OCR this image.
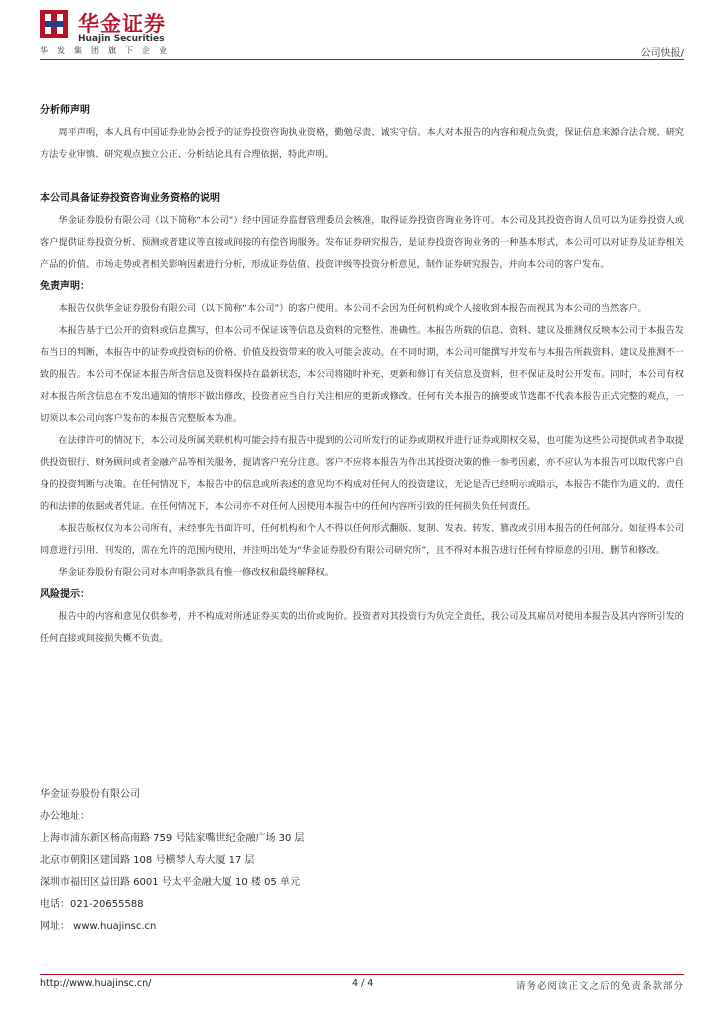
华金证券
Huajin Securities
华发集团旗下企业	公司快报/
分析师声明

周平声明，本人具有中国证券业协会授予的证券投资咨询执业资格，勤勉尽责、诚实守信。本人对本报告的内容和观点负责，保证信息来源合法合规、研究方法专业审慎、研究观点独立公正、分析结论具有合理依据，特此声明。

本公司具备证券投资咨询业务资格的说明

华金证券股份有限公司（以下简称“本公司”）经中国证券监督管理委员会核准，取得证券投资咨询业务许可。本公司及其投资咨询人员可以为证券投资人或客户提供证券投资分析、预测或者建议等直接或间接的有偿咨询服务。发布证券研究报告，是证券投资咨询业务的一种基本形式，本公司可以对证券及证券相关产品的价值、市场走势或者相关影响因素进行分析，形成证券估值、投资评级等投资分析意见，制作证券研究报告，并向本公司的客户发布。

免责声明：

本报告仅供华金证券股份有限公司（以下简称“本公司”）的客户使用。本公司不会因为任何机构或个人接收到本报告而视其为本公司的当然客户。

本报告基于已公开的资料或信息撰写，但本公司不保证该等信息及资料的完整性、准确性。本报告所载的信息、资料、建议及推测仅反映本公司于本报告发布当日的判断，本报告中的证券或投资标的价格、价值及投资带来的收入可能会波动。在不同时期，本公司可能撰写并发布与本报告所载资料、建议及推测不一致的报告。本公司不保证本报告所含信息及资料保持在最新状态，本公司将随时补充、更新和修订有关信息及资料，但不保证及时公开发布。同时，本公司有权对本报告所含信息在不发出通知的情形下做出修改，投资者应当自行关注相应的更新或修改。任何有关本报告的摘要或节选都不代表本报告正式完整的观点，一切须以本公司向客户发布的本报告完整版本为准。

在法律许可的情况下，本公司及所属关联机构可能会持有报告中提到的公司所发行的证券或期权并进行证券或期权交易，也可能为这些公司提供或者争取提供投资银行、财务顾问或者金融产品等相关服务，提请客户充分注意。客户不应将本报告为作出其投资决策的惟一参考因素，亦不应认为本报告可以取代客户自身的投资判断与决策。在任何情况下，本报告中的信息或所表述的意见均不构成对任何人的投资建议，无论是否已经明示或暗示，本报告不能作为道义的、责任的和法律的依据或者凭证。在任何情况下，本公司亦不对任何人因使用本报告中的任何内容所引致的任何损失负任何责任。

本报告版权仅为本公司所有，未经事先书面许可，任何机构和个人不得以任何形式翻版、复制、发表、转发、篡改或引用本报告的任何部分。如征得本公司同意进行引用、刊发的，需在允许的范围内使用，并注明出处为“华金证券股份有限公司研究所”，且不得对本报告进行任何有悖原意的引用、删节和修改。

华金证券股份有限公司对本声明条款具有惟一修改权和最终解释权。

风险提示：

报告中的内容和意见仅供参考，并不构成对所述证券买卖的出价或询价。投资者对其投资行为负完全责任，我公司及其雇员对使用本报告及其内容所引发的任何直接或间接损失概不负责。

华金证券股份有限公司
办公地址：
上海市浦东新区杨高南路 759 号陆家嘴世纪金融广场 30 层
北京市朝阳区建国路 108 号横琴人寿大厦 17 层
深圳市福田区益田路 6001 号太平金融大厦 10 楼 05 单元
电话：021-20655588
网址： www.huajinsc.cn
http://www.huajinsc.cn/	4 / 4	请务必阅读正文之后的免责条款部分
